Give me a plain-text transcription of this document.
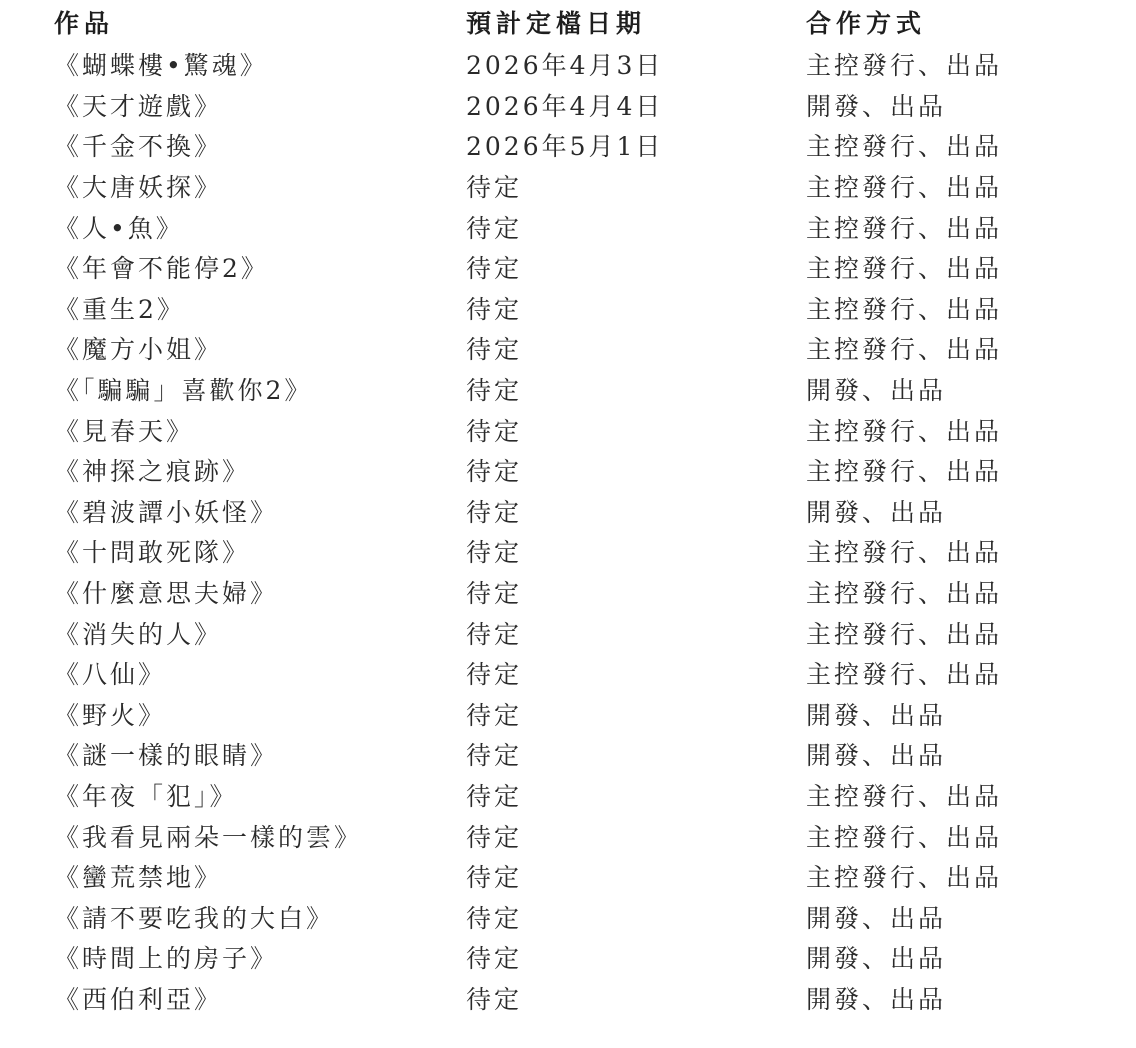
作品	預計定檔日期	合作方式
《蝴蝶樓•驚魂》	2026年4月3日	主控發行、出品
《天才遊戲》	2026年4月4日	開發、出品
《千金不換》	2026年5月1日	主控發行、出品
《大唐妖探》	待定	主控發行、出品
《人•魚》	待定	主控發行、出品
《年會不能停2》	待定	主控發行、出品
《重生2》	待定	主控發行、出品
《魔方小姐》	待定	主控發行、出品
《「騙騙」喜歡你2》	待定	開發、出品
《見春天》	待定	主控發行、出品
《神探之痕跡》	待定	主控發行、出品
《碧波譚小妖怪》	待定	開發、出品
《十問敢死隊》	待定	主控發行、出品
《什麼意思夫婦》	待定	主控發行、出品
《消失的人》	待定	主控發行、出品
《八仙》	待定	主控發行、出品
《野火》	待定	開發、出品
《謎一樣的眼睛》	待定	開發、出品
《年夜「犯」》	待定	主控發行、出品
《我看見兩朵一樣的雲》	待定	主控發行、出品
《蠻荒禁地》	待定	主控發行、出品
《請不要吃我的大白》	待定	開發、出品
《時間上的房子》	待定	開發、出品
《西伯利亞》	待定	開發、出品
